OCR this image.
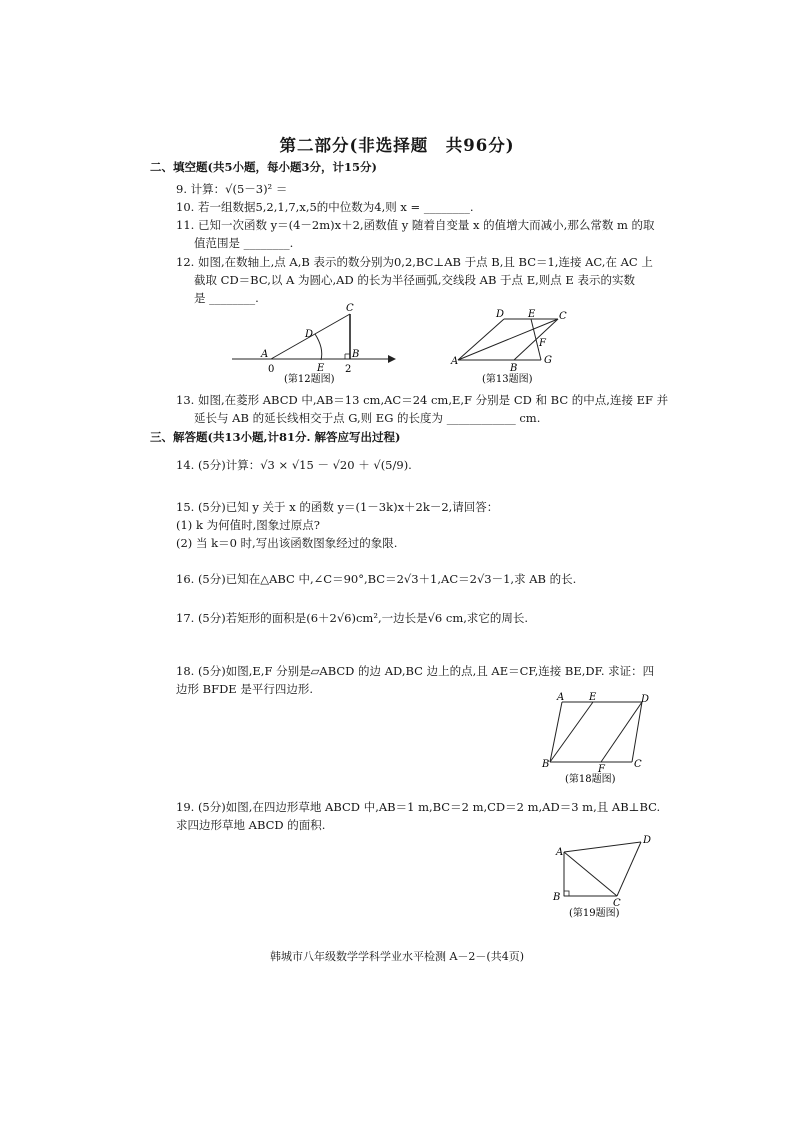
第二部分(非选择题　共96分)
二、填空题(共5小题，每小题3分，计15分)
9. 计算：√(5－3)² ＝
10. 若一组数据5,2,1,7,x,5的中位数为4,则 x = ________.
11. 已知一次函数 y＝(4－2m)x＋2,函数值 y 随着自变量 x 的值增大而减小,那么常数 m 的取
值范围是 ________.
12. 如图,在数轴上,点 A,B 表示的数分别为0,2,BC⊥AB 于点 B,且 BC＝1,连接 AC,在 AC 上
截取 CD＝BC,以 A 为圆心,AD 的长为半径画弧,交线段 AB 于点 E,则点 E 表示的实数
是 ________.
A
0
D
E
B
2
C
(第12题图)
A
D E C
F
B
G
(第13题图)
13. 如图,在菱形 ABCD 中,AB＝13 cm,AC＝24 cm,E,F 分别是 CD 和 BC 的中点,连接 EF 并
延长与 AB 的延长线相交于点 G,则 EG 的长度为 ____________ cm.
三、解答题(共13小题,计81分. 解答应写出过程)
14. (5分)计算：√3 × √15 － √20 ＋ √(5/9).
15. (5分)已知 y 关于 x 的函数 y＝(1－3k)x＋2k－2,请回答：
(1) k 为何值时,图象过原点?
(2) 当 k＝0 时,写出该函数图象经过的象限.
16. (5分)已知在△ABC 中,∠C＝90°,BC＝2√3＋1,AC＝2√3－1,求 AB 的长.
17. (5分)若矩形的面积是(6＋2√6)cm²,一边长是√6 cm,求它的周长.
18. (5分)如图,E,F 分别是▱ABCD 的边 AD,BC 边上的点,且 AE＝CF,连接 BE,DF. 求证：四
边形 BFDE 是平行四边形.
A E	D
B	F	C
(第18题图)
19. (5分)如图,在四边形草地 ABCD 中,AB＝1 m,BC＝2 m,CD＝2 m,AD＝3 m,且 AB⊥BC.
求四边形草地 ABCD 的面积.
A
D
B
C
(第19题图)
韩城市八年级数学学科学业水平检测 A－2－(共4页)
